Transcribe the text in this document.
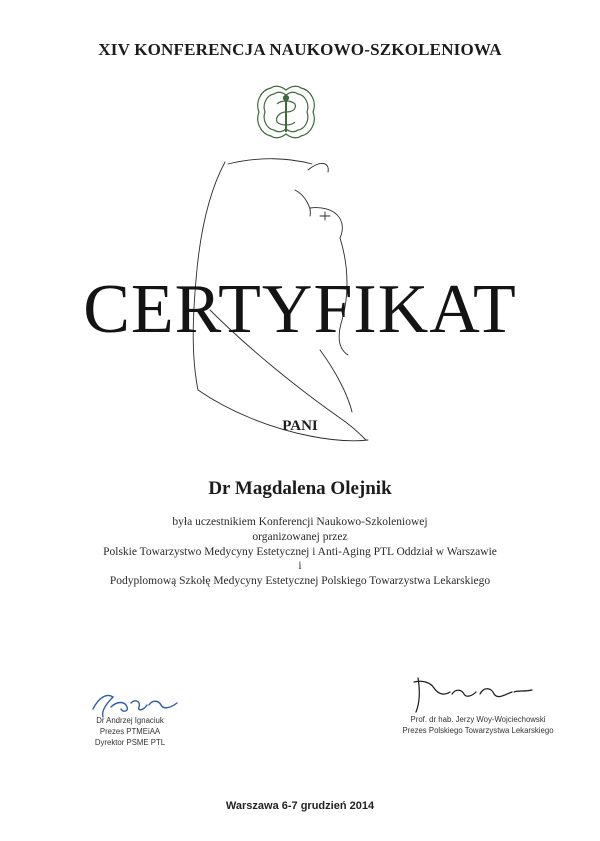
XIV KONFERENCJA NAUKOWO-SZKOLENIOWA
CERTYFIKAT
PANI
Dr Magdalena Olejnik
była uczestnikiem Konferencji Naukowo-Szkoleniowej
organizowanej przez
Polskie Towarzystwo Medycyny Estetycznej i Anti-Aging PTL Oddział w Warszawie
i
Podyplomową Szkołę Medycyny Estetycznej Polskiego Towarzystwa Lekarskiego
Dr Andrzej Ignaciuk
Prezes PTMEiAA
Dyrektor PSME PTL
Prof. dr hab. Jerzy Woy-Wojciechowski
Prezes Polskiego Towarzystwa Lekarskiego
Warszawa 6-7 grudzień 2014
